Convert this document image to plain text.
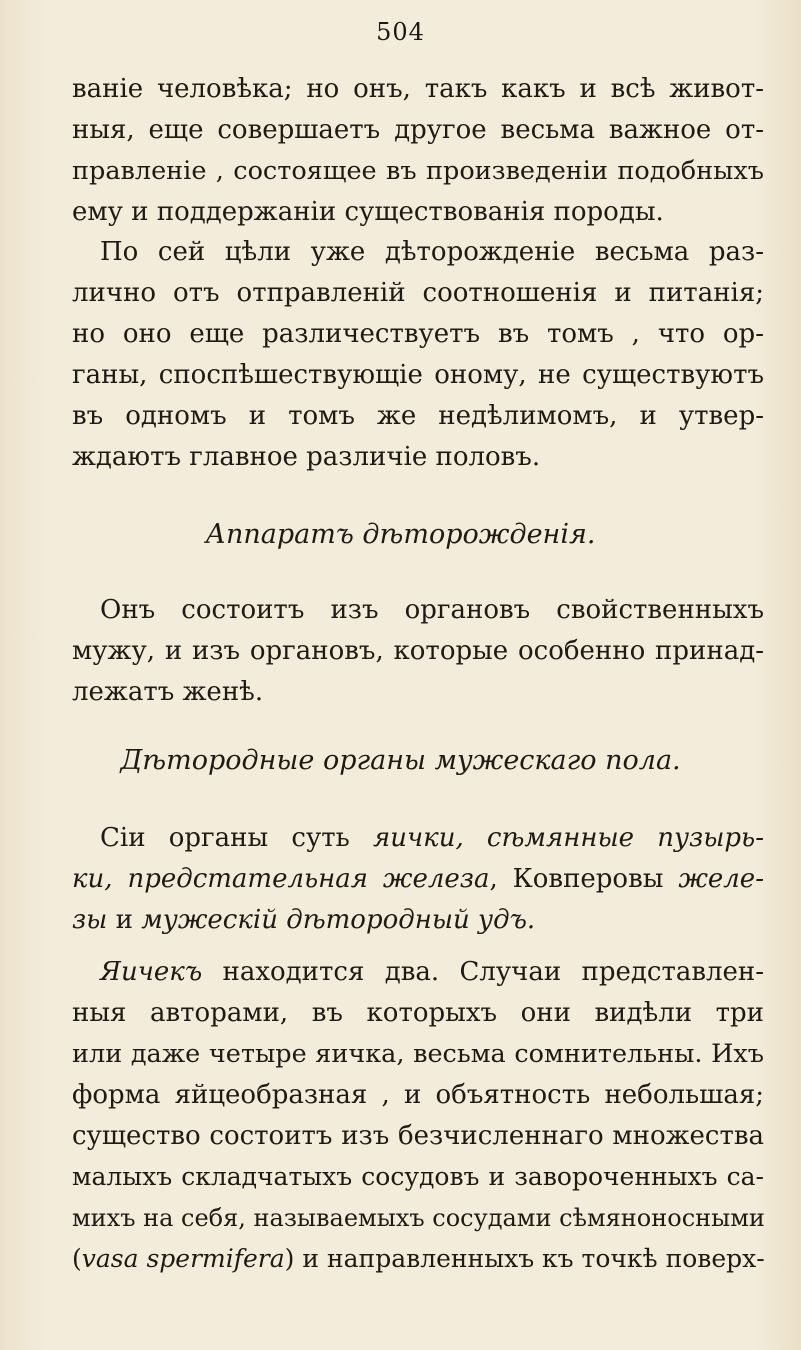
504
ваніе человѣка; но онъ, такъ какъ и всѣ живот-
ныя, еще совершаетъ другое весьма важное от-
правленіе , состоящее въ произведеніи подобныхъ
ему и поддержаніи существованія породы.
По сей цѣли уже дѣторожденіе весьма раз-
лично отъ отправленій соотношенія и питанія;
но оно еще различествуетъ въ томъ , что ор-
ганы, споспѣшествующіе оному, не существуютъ
въ одномъ и томъ же недѣлимомъ, и утвер-
ждаютъ главное различіе половъ.
Аппаратъ дѣторожденія.
Онъ состоитъ изъ органовъ свойственныхъ
мужу, и изъ органовъ, которые особенно принад-
лежатъ женѣ.
Дѣтородные органы мужескаго пола.
Сіи органы суть яички, сѣмянные пузырь-
ки, предстательная железа, Ковперовы желе-
зы и мужескій дѣтородный удъ.
Яичекъ находится два. Случаи представлен-
ныя авторами, въ которыхъ они видѣли три
или даже четыре яичка, весьма сомнительны. Ихъ
форма яйцеобразная , и объятность небольшая;
существо состоитъ изъ безчисленнаго множества
малыхъ складчатыхъ сосудовъ и завороченныхъ са-
михъ на себя, называемыхъ сосудами сѣмяноносными
(vasa spermifera) и направленныхъ къ точкѣ поверх-
